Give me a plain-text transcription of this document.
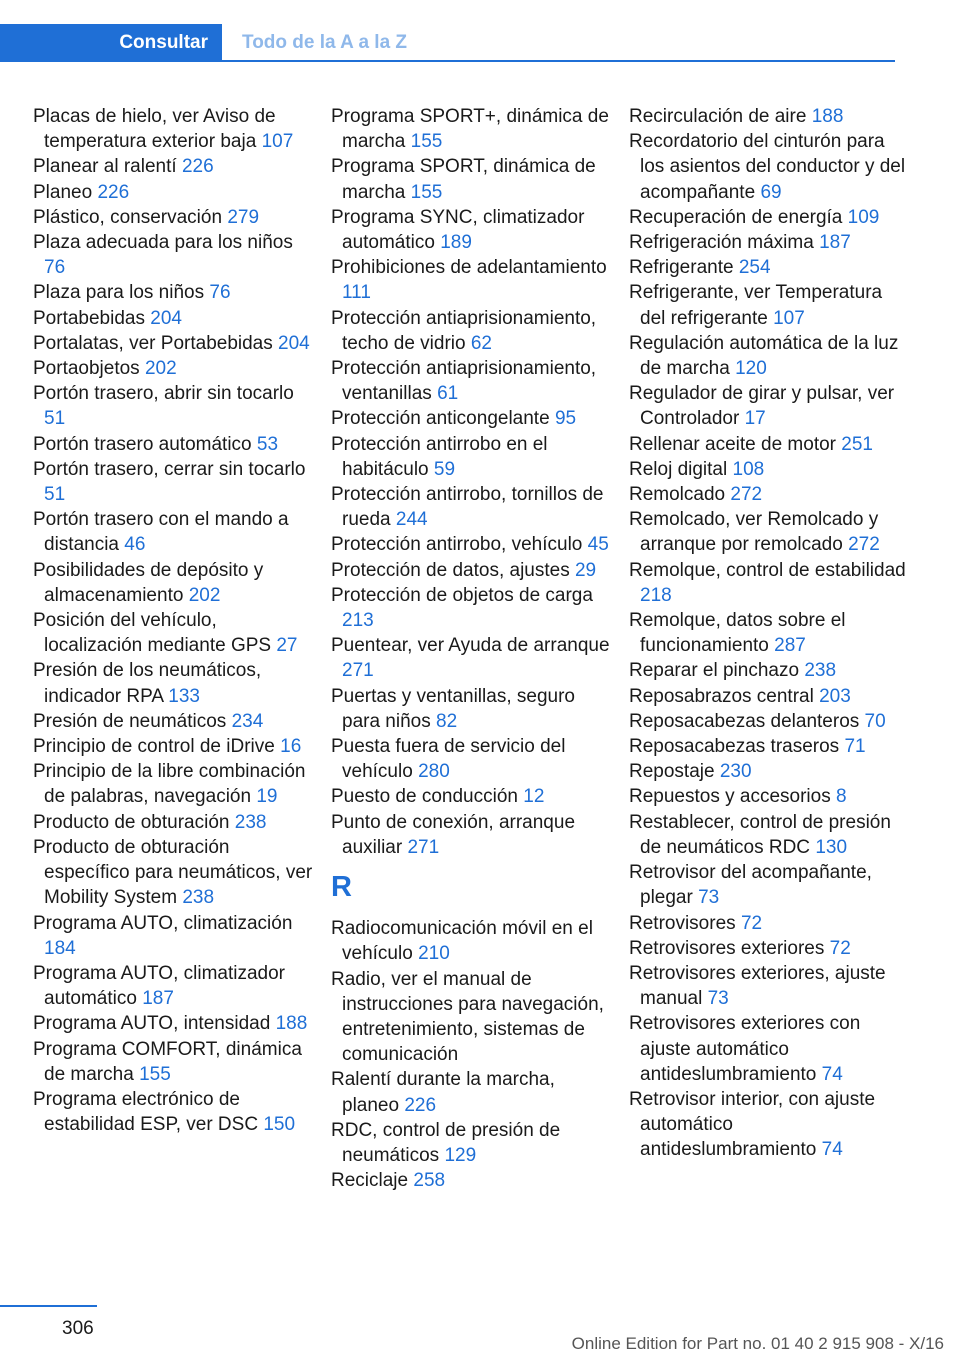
Consultar Todo de la A a la Z

Placas de hielo, ver Aviso de temperatura exterior baja 107

Planear al ralentí 226

Planeo 226

Plástico, conservación 279

Plaza adecuada para los niños 76

Plaza para los niños 76

Portabebidas 204

Portalatas, ver Portabebidas 204

Portaobjetos 202

Portón trasero, abrir sin tocarlo 51

Portón trasero automático 53

Portón trasero, cerrar sin tocarlo 51

Portón trasero con el mando a distancia 46

Posibilidades de depósito y almacenamiento 202

Posición del vehículo, localización mediante GPS 27

Presión de los neumáticos, indicador RPA 133

Presión de neumáticos 234

Principio de control de iDrive 16

Principio de la libre combinación de palabras, navegación 19

Producto de obturación 238

Producto de obturación específico para neumáticos, ver Mobility System 238

Programa AUTO, climatización 184

Programa AUTO, climatizador automático 187

Programa AUTO, intensidad 188

Programa COMFORT, dinámica de marcha 155

Programa electrónico de estabilidad ESP, ver DSC 150

Programa SPORT+, dinámica de marcha 155

Programa SPORT, dinámica de marcha 155

Programa SYNC, climatizador automático 189

Prohibiciones de adelantamiento 111

Protección antiaprisionamiento, techo de vidrio 62

Protección antiaprisionamiento, ventanillas 61

Protección anticongelante 95

Protección antirrobo en el habitáculo 59

Protección antirrobo, tornillos de rueda 244

Protección antirrobo, vehículo 45

Protección de datos, ajustes 29

Protección de objetos de carga 213

Puentear, ver Ayuda de arranque 271

Puertas y ventanillas, seguro para niños 82

Puesta fuera de servicio del vehículo 280

Puesto de conducción 12

Punto de conexión, arranque auxiliar 271

R

Radiocomunicación móvil en el vehículo 210

Radio, ver el manual de instrucciones para navegación, entretenimiento, sistemas de comunicación

Ralentí durante la marcha, planeo 226

RDC, control de presión de neumáticos 129

Reciclaje 258

Recirculación de aire 188

Recordatorio del cinturón para los asientos del conductor y del acompañante 69

Recuperación de energía 109

Refrigeración máxima 187

Refrigerante 254

Refrigerante, ver Temperatura del refrigerante 107

Regulación automática de la luz de marcha 120

Regulador de girar y pulsar, ver Controlador 17

Rellenar aceite de motor 251

Reloj digital 108

Remolcado 272

Remolcado, ver Remolcado y arranque por remolcado 272

Remolque, control de estabilidad 218

Remolque, datos sobre el funcionamiento 287

Reparar el pinchazo 238

Reposabrazos central 203

Reposacabezas delanteros 70

Reposacabezas traseros 71

Repostaje 230

Repuestos y accesorios 8

Restablecer, control de presión de neumáticos RDC 130

Retrovisor del acompañante, plegar 73

Retrovisores 72

Retrovisores exteriores 72

Retrovisores exteriores, ajuste manual 73

Retrovisores exteriores con ajuste automático antideslumbramiento 74

Retrovisor interior, con ajuste automático antideslumbramiento 74

306
Online Edition for Part no. 01 40 2 915 908 - X/16
